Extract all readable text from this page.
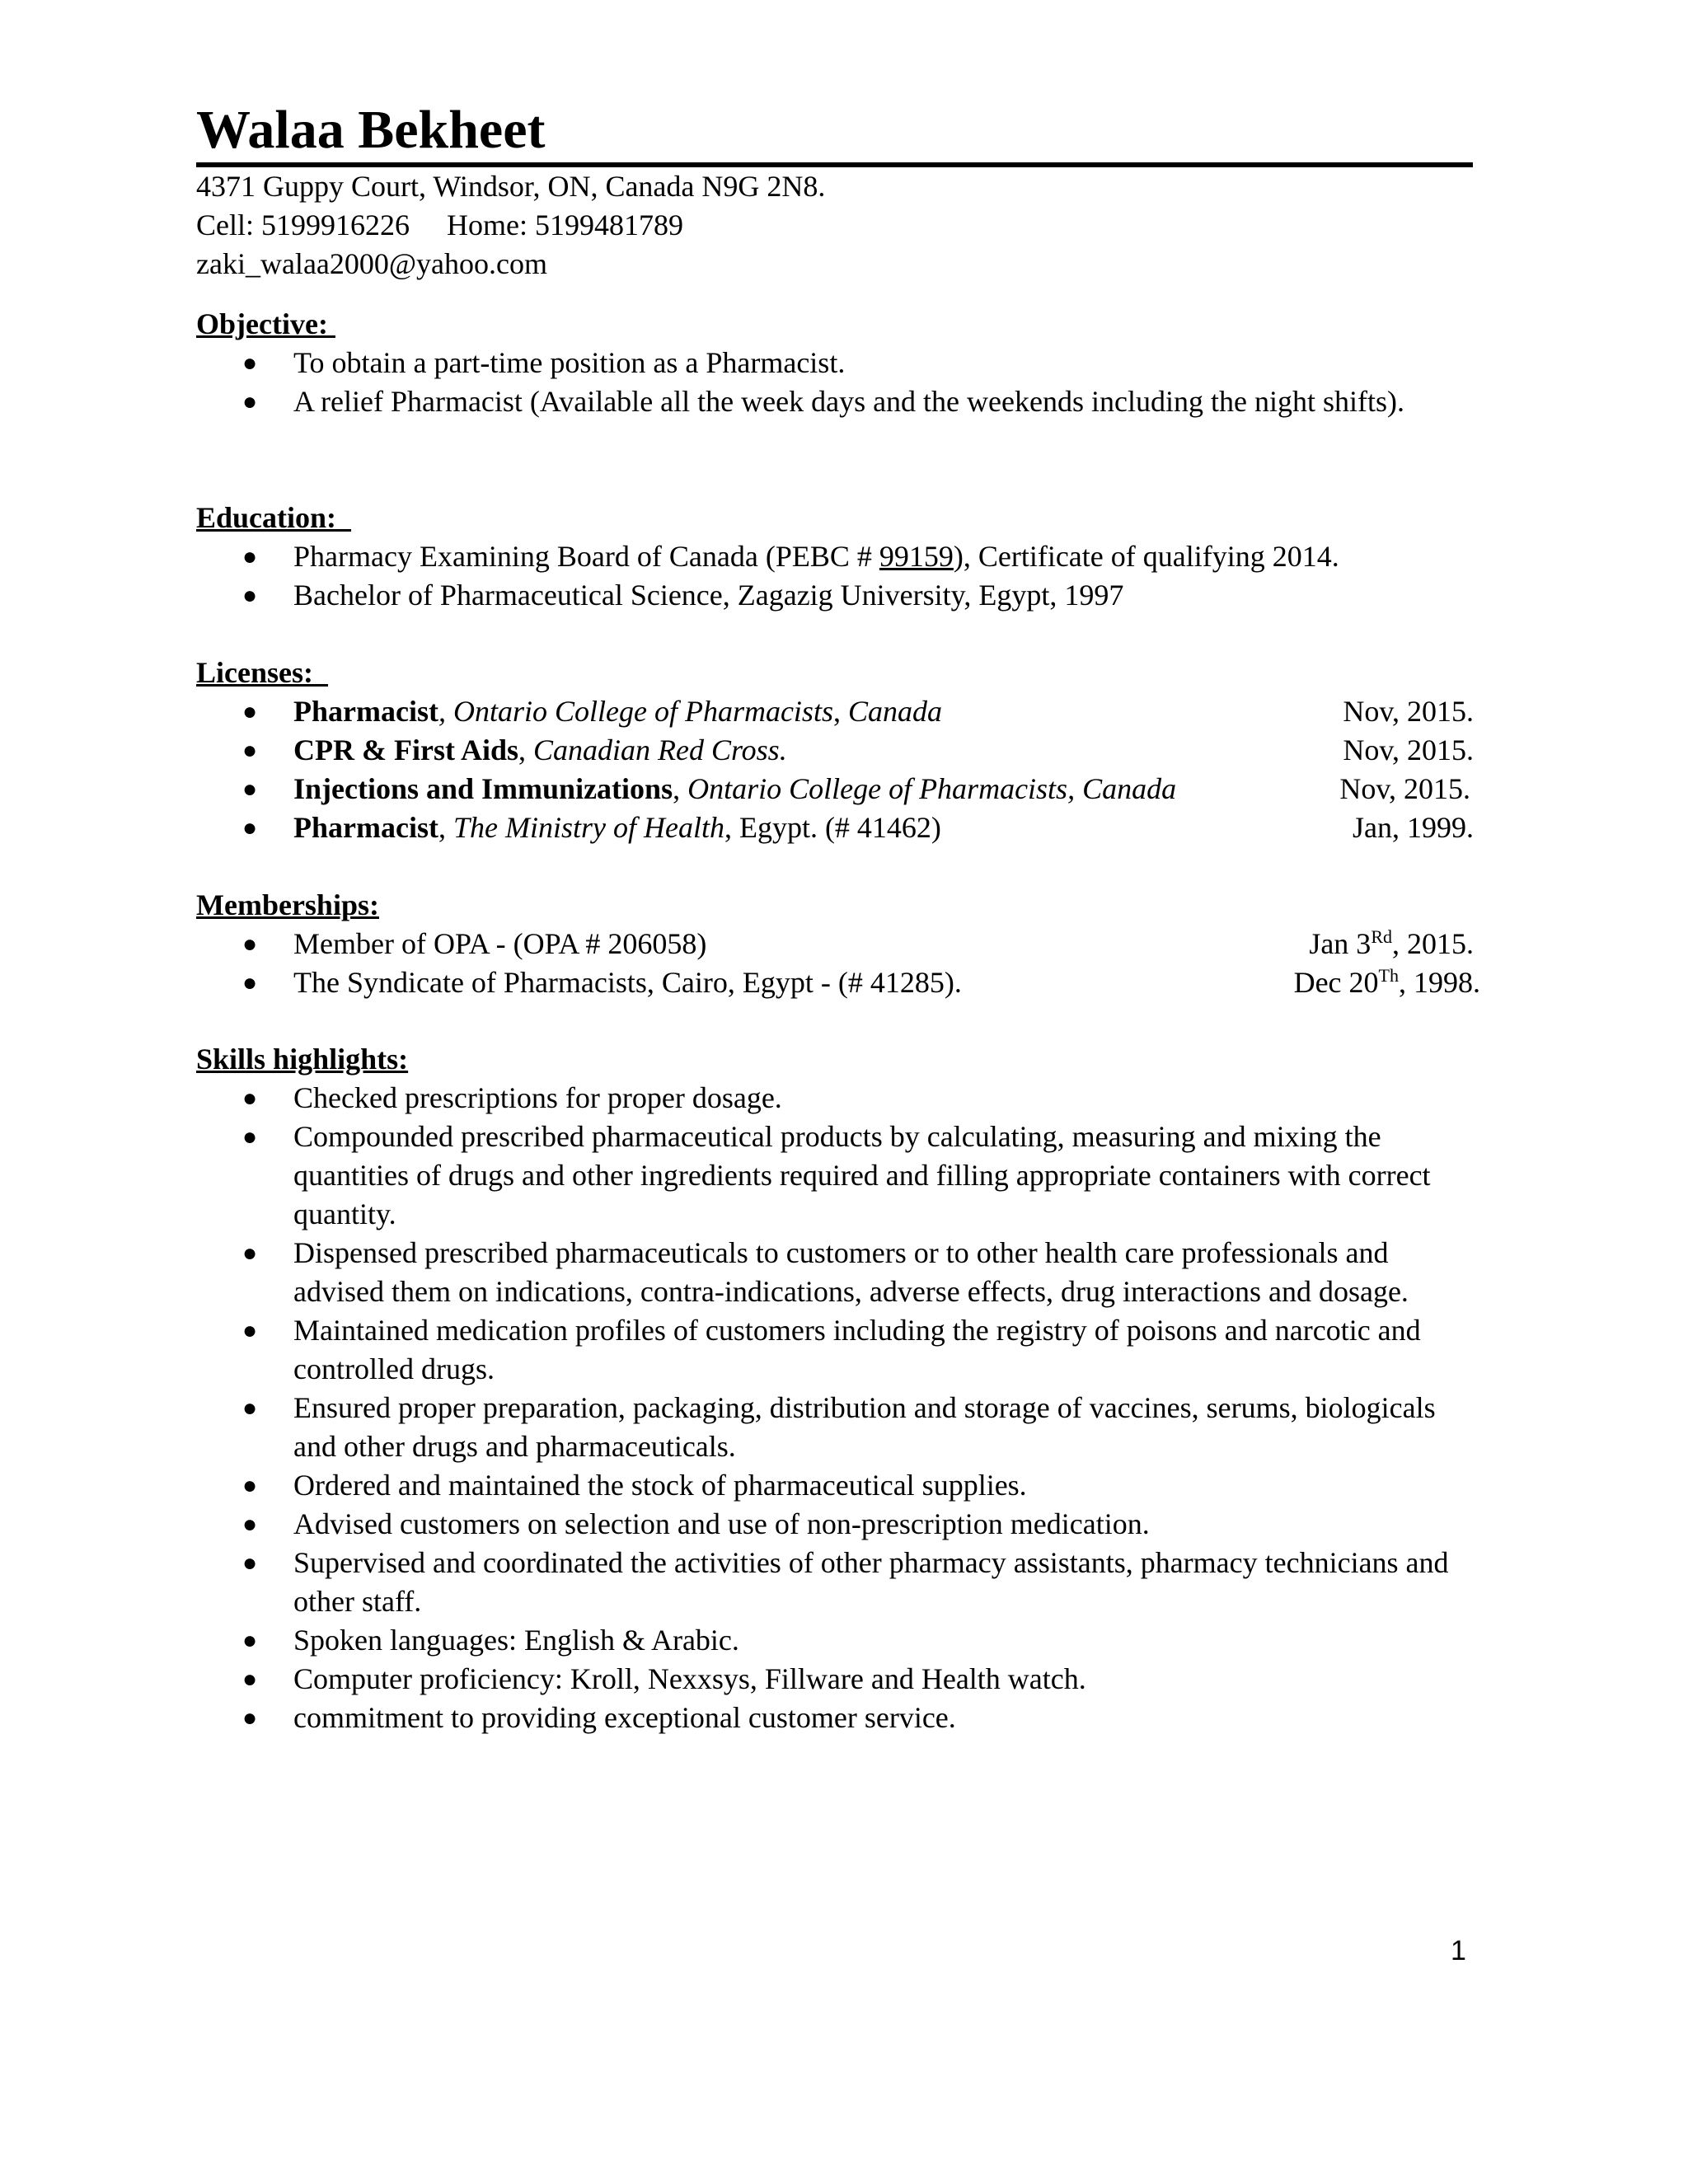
Walaa Bekheet
4371 Guppy Court, Windsor, ON, Canada N9G 2N8.
Cell: 5199916226     Home: 5199481789
zaki_walaa2000@yahoo.com
Objective:
● To obtain a part-time position as a Pharmacist.
● A relief Pharmacist (Available all the week days and the weekends including the night shifts).
Education:
● Pharmacy Examining Board of Canada (PEBC # 99159), Certificate of qualifying 2014.
● Bachelor of Pharmaceutical Science, Zagazig University, Egypt, 1997
Licenses:
● Pharmacist, Ontario College of Pharmacists, Canada	Nov, 2015.
● CPR & First Aids, Canadian Red Cross.	Nov, 2015.
● Injections and Immunizations, Ontario College of Pharmacists, Canada	Nov, 2015.
● Pharmacist, The Ministry of Health, Egypt. (# 41462)	Jan, 1999.
Memberships:
● Member of OPA - (OPA # 206058)	Jan 3Rd, 2015.
● The Syndicate of Pharmacists, Cairo, Egypt - (# 41285).	Dec 20Th, 1998.
Skills highlights:
● Checked prescriptions for proper dosage.
● Compounded prescribed pharmaceutical products by calculating, measuring and mixing the quantities of drugs and other ingredients required and filling appropriate containers with correct quantity.
● Dispensed prescribed pharmaceuticals to customers or to other health care professionals and advised them on indications, contra-indications, adverse effects, drug interactions and dosage.
● Maintained medication profiles of customers including the registry of poisons and narcotic and controlled drugs.
● Ensured proper preparation, packaging, distribution and storage of vaccines, serums, biologicals and other drugs and pharmaceuticals.
● Ordered and maintained the stock of pharmaceutical supplies.
● Advised customers on selection and use of non-prescription medication.
● Supervised and coordinated the activities of other pharmacy assistants, pharmacy technicians and other staff.
● Spoken languages: English & Arabic.
● Computer proficiency: Kroll, Nexxsys, Fillware and Health watch.
● commitment to providing exceptional customer service.
1
